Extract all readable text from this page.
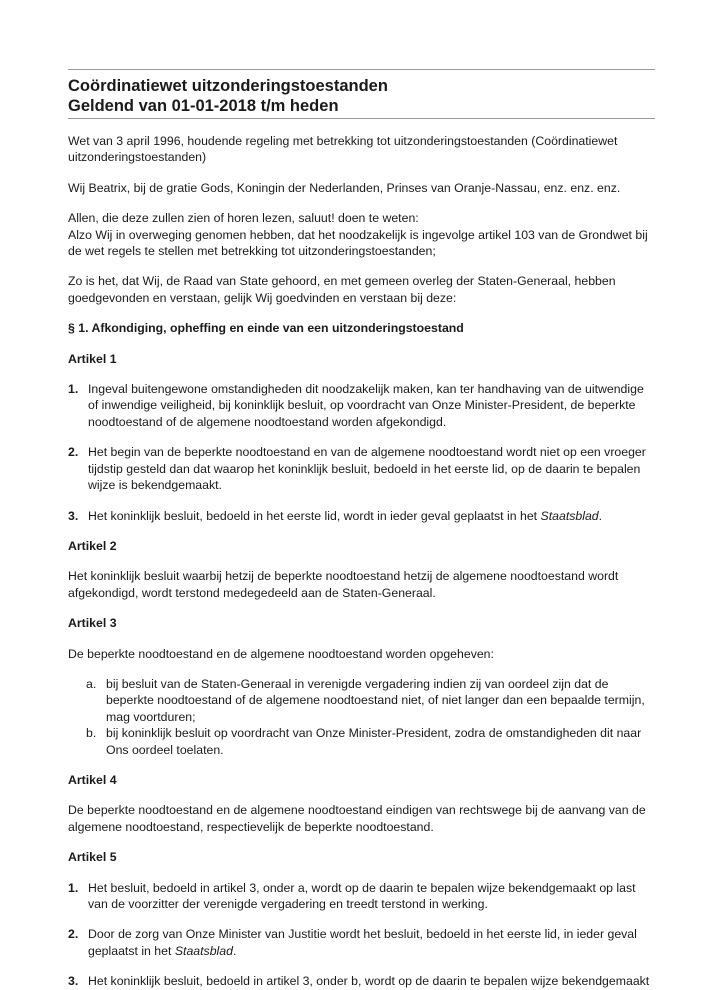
Coördinatiewet uitzonderingstoestanden
Geldend van 01-01-2018 t/m heden

Wet van 3 april 1996, houdende regeling met betrekking tot uitzonderingstoestanden (Coördinatiewet uitzonderingstoestanden)

Wij Beatrix, bij de gratie Gods, Koningin der Nederlanden, Prinses van Oranje-Nassau, enz. enz. enz.

Allen, die deze zullen zien of horen lezen, saluut! doen te weten:

Alzo Wij in overweging genomen hebben, dat het noodzakelijk is ingevolge artikel 103 van de Grondwet bij de wet regels te stellen met betrekking tot uitzonderingstoestanden;

Zo is het, dat Wij, de Raad van State gehoord, en met gemeen overleg der Staten-Generaal, hebben goedgevonden en verstaan, gelijk Wij goedvinden en verstaan bij deze:

§ 1. Afkondiging, opheffing en einde van een uitzonderingstoestand

Artikel 1

1. Ingeval buitengewone omstandigheden dit noodzakelijk maken, kan ter handhaving van de uitwendige of inwendige veiligheid, bij koninklijk besluit, op voordracht van Onze Minister-President, de beperkte noodtoestand of de algemene noodtoestand worden afgekondigd.
2. Het begin van de beperkte noodtoestand en van de algemene noodtoestand wordt niet op een vroeger tijdstip gesteld dan dat waarop het koninklijk besluit, bedoeld in het eerste lid, op de daarin te bepalen wijze is bekendgemaakt.
3. Het koninklijk besluit, bedoeld in het eerste lid, wordt in ieder geval geplaatst in het Staatsblad.

Artikel 2

Het koninklijk besluit waarbij hetzij de beperkte noodtoestand hetzij de algemene noodtoestand wordt afgekondigd, wordt terstond medegedeeld aan de Staten-Generaal.

Artikel 3

De beperkte noodtoestand en de algemene noodtoestand worden opgeheven:

a. bij besluit van de Staten-Generaal in verenigde vergadering indien zij van oordeel zijn dat de beperkte noodtoestand of de algemene noodtoestand niet, of niet langer dan een bepaalde termijn, mag voortduren;
b. bij koninklijk besluit op voordracht van Onze Minister-President, zodra de omstandigheden dit naar Ons oordeel toelaten.

Artikel 4

De beperkte noodtoestand en de algemene noodtoestand eindigen van rechtswege bij de aanvang van de algemene noodtoestand, respectievelijk de beperkte noodtoestand.

Artikel 5

1. Het besluit, bedoeld in artikel 3, onder a, wordt op de daarin te bepalen wijze bekendgemaakt op last van de voorzitter der verenigde vergadering en treedt terstond in werking.
2. Door de zorg van Onze Minister van Justitie wordt het besluit, bedoeld in het eerste lid, in ieder geval geplaatst in het Staatsblad.
3. Het koninklijk besluit, bedoeld in artikel 3, onder b, wordt op de daarin te bepalen wijze bekendgemaakt
